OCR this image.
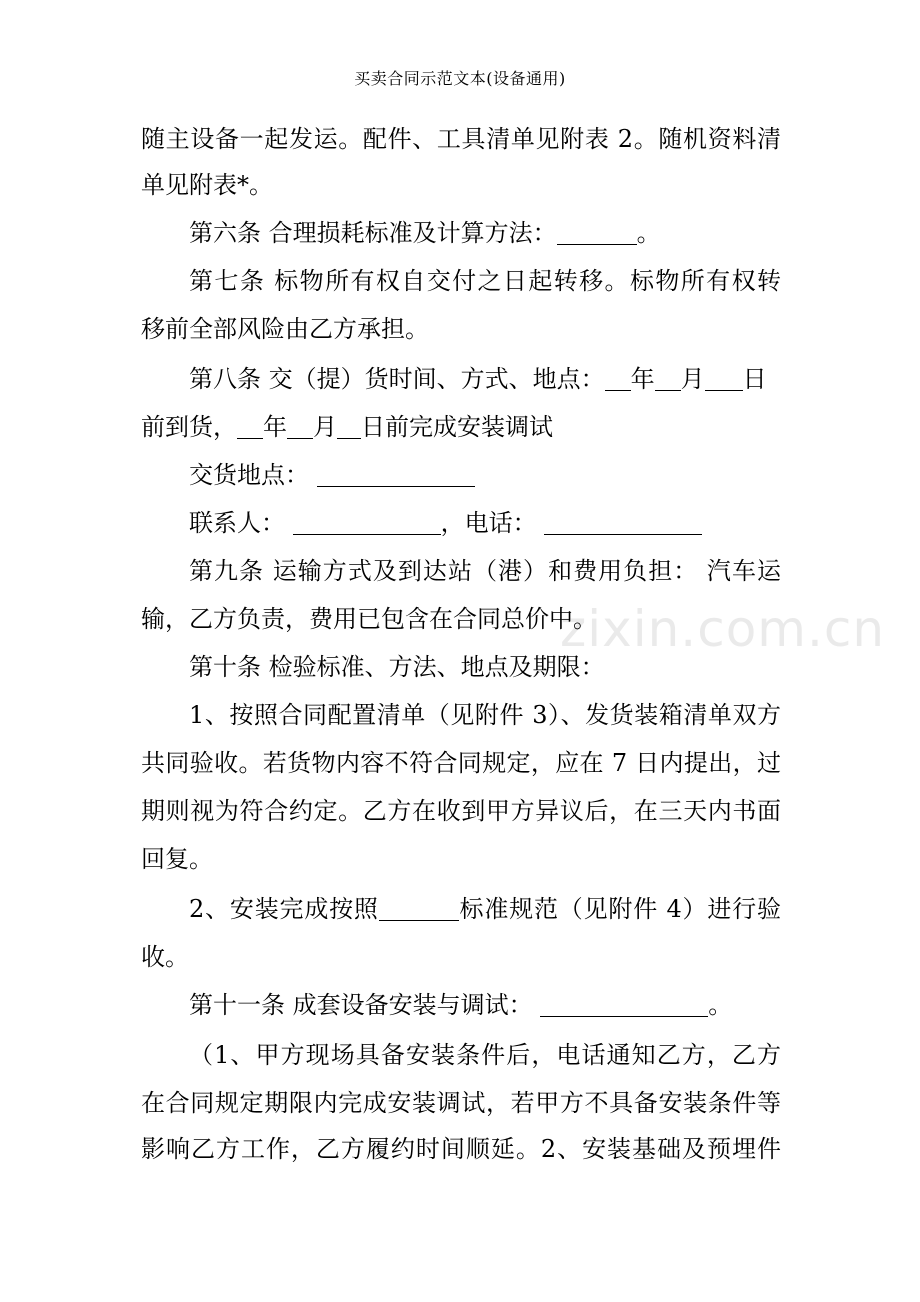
买卖合同示范文本(设备通用)
zixin.com.cn
随主设备一起发运。配件、工具清单见附表 2。随机资料清
单见附表*。
第六条 合理损耗标准及计算方法：	。
第七条 标物所有权自交付之日起转移。标物所有权转
移前全部风险由乙方承担。
第八条 交（提）货时间、方式、地点： 年 月 日
前到货， 年 月 日前完成安装调试
交货地点：
联系人：	，电话：
第九条 运输方式及到达站（港）和费用负担： 汽车运
输，乙方负责，费用已包含在合同总价中。
第十条 检验标准、方法、地点及期限：
1、按照合同配置清单（见附件 3）、发货装箱清单双方
共同验收。若货物内容不符合同规定，应在 7 日内提出，过
期则视为符合约定。乙方在收到甲方异议后，在三天内书面
回复。
2、安装完成按照	标准规范（见附件 4）进行验
收。
第十一条 成套设备安装与调试：	。
（1、甲方现场具备安装条件后，电话通知乙方，乙方
在合同规定期限内完成安装调试，若甲方不具备安装条件等
影响乙方工作，乙方履约时间顺延。2、安装基础及预埋件
